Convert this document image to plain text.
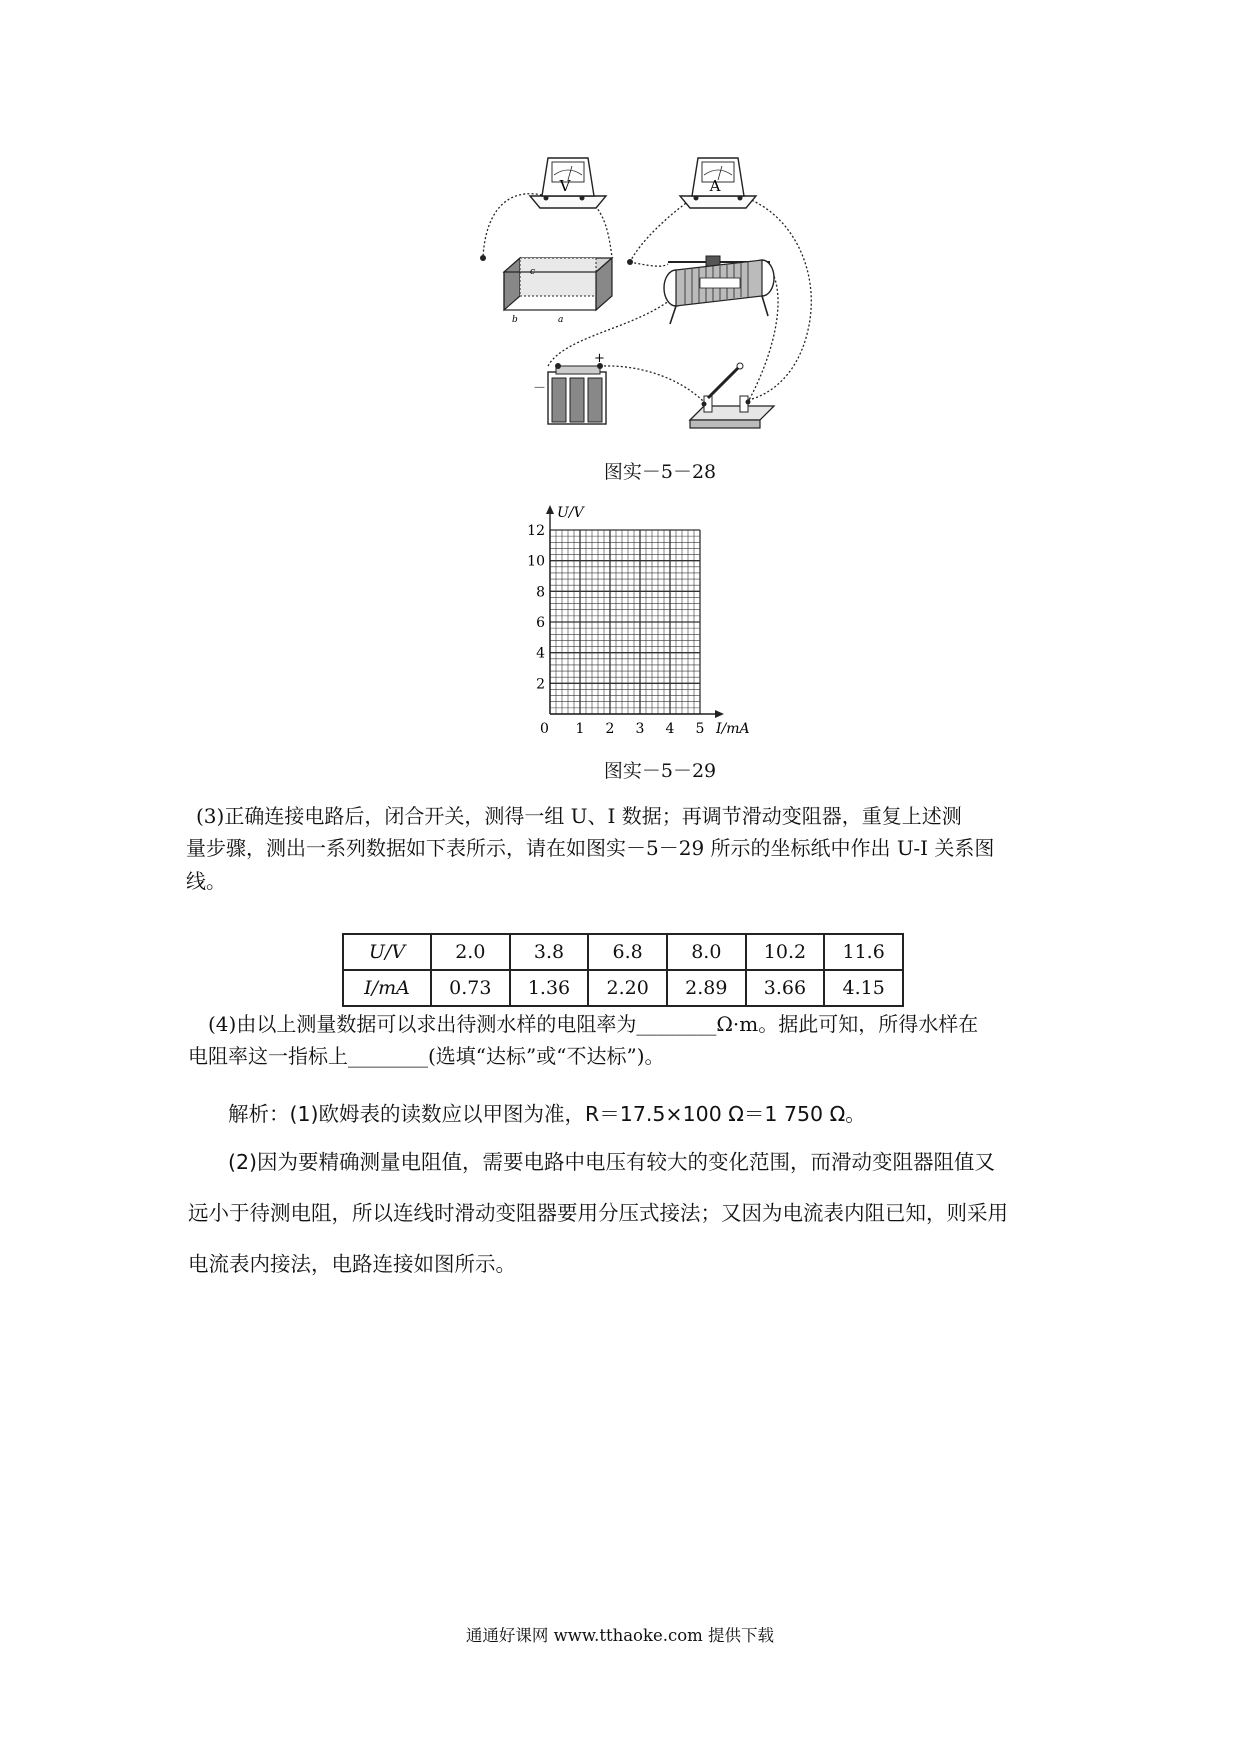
V	A
c
b	a
－
+
图实－5－28
U/V
I/mA
0 1 2 3 4 5
2
4
6
8
10
12
图实－5－29
(3)正确连接电路后，闭合开关，测得一组 U、I 数据；再调节滑动变阻器，重复上述测
量步骤，测出一系列数据如下表所示，请在如图实－5－29 所示的坐标纸中作出 U-I 关系图
线。
U/V	2.0	3.8	6.8	8.0	10.2	11.6
I/mA	0.73	1.36	2.20	2.89	3.66	4.15
(4)由以上测量数据可以求出待测水样的电阻率为________Ω·m。据此可知，所得水样在
电阻率这一指标上________(选填“达标”或“不达标”)。
解析：(1)欧姆表的读数应以甲图为准，R＝17.5×100 Ω＝1 750 Ω。
(2)因为要精确测量电阻值，需要电路中电压有较大的变化范围，而滑动变阻器阻值又
远小于待测电阻，所以连线时滑动变阻器要用分压式接法；又因为电流表内阻已知，则采用
电流表内接法，电路连接如图所示。
通通好课网 www.tthaoke.com 提供下载
